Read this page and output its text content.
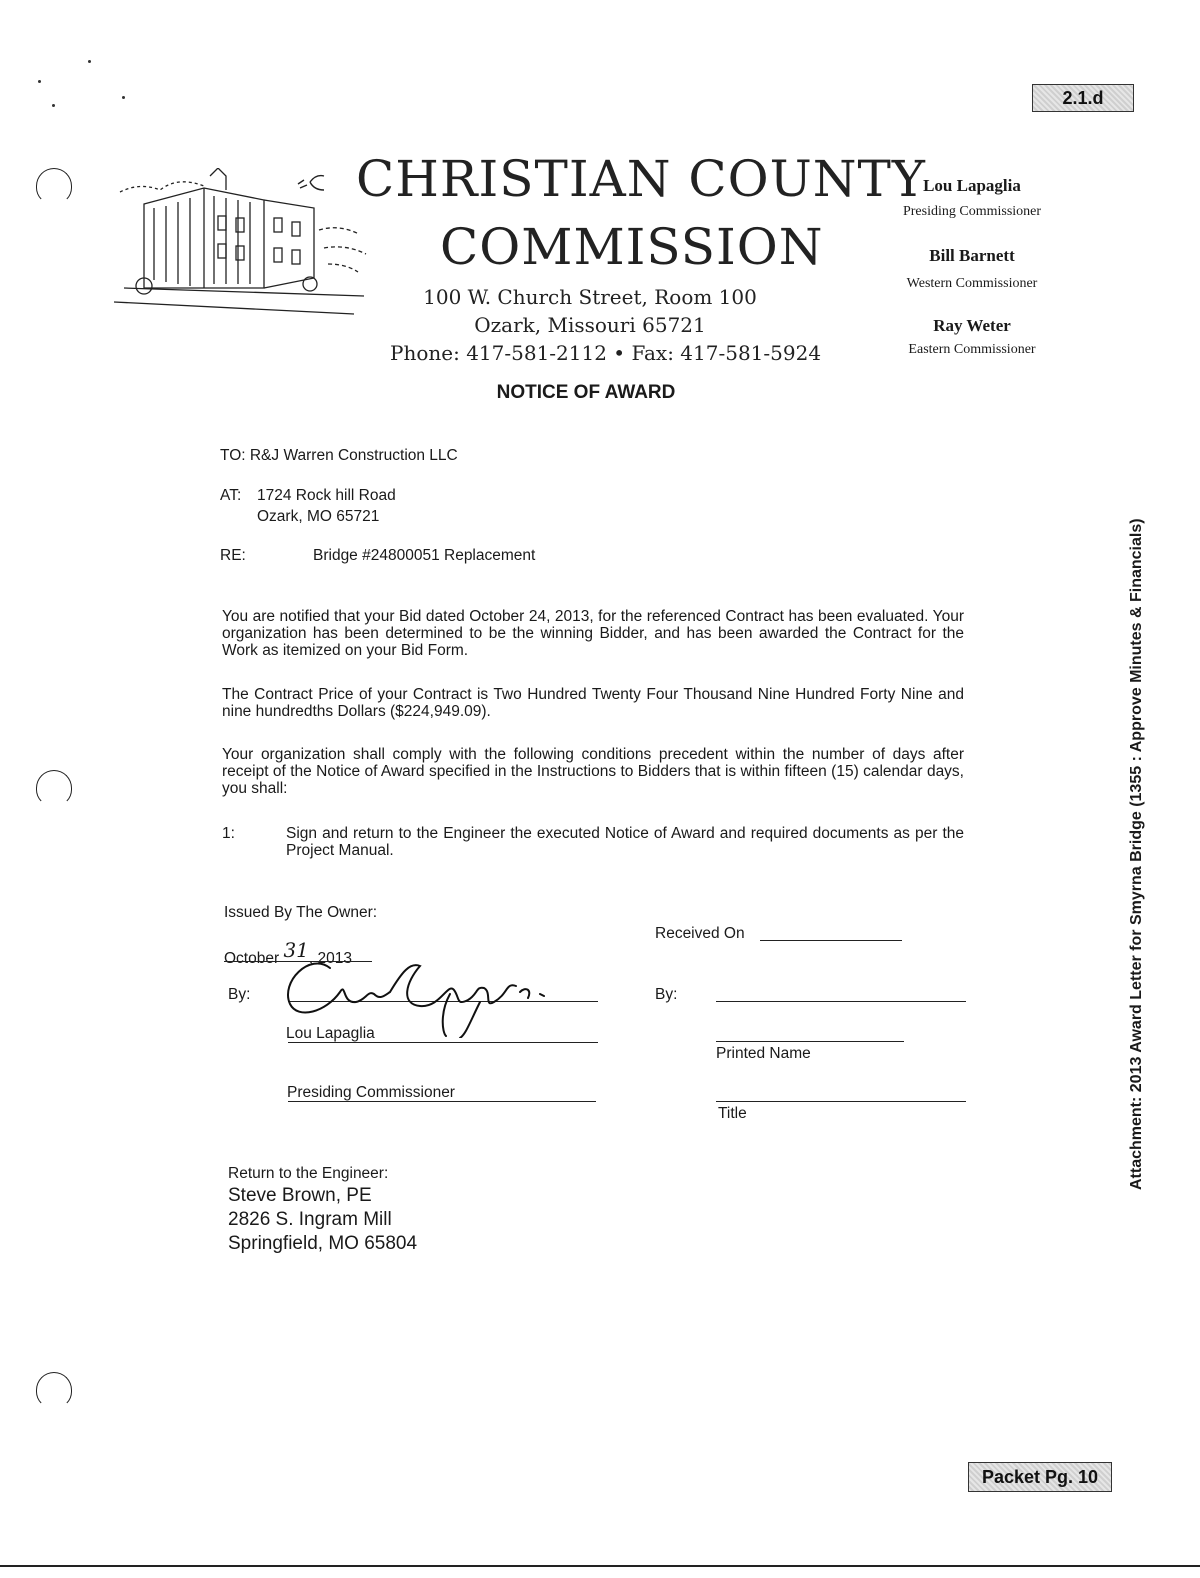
2.1.d
CHRISTIAN COUNTY
COMMISSION
100 W. Church Street, Room 100
Ozark, Missouri 65721
Phone: 417-581-2112 • Fax: 417-581-5924
Lou Lapaglia
Presiding Commissioner
Bill Barnett
Western Commissioner
Ray Weter
Eastern Commissioner
NOTICE OF AWARD
TO: R&J Warren Construction LLC
AT: 1724 Rock hill Road
Ozark, MO 65721
RE:	Bridge #24800051 Replacement
You are notified that your Bid dated October 24, 2013, for the referenced Contract has been evaluated. Your organization has been determined to be the winning Bidder, and has been awarded the Contract for the Work as itemized on your Bid Form.
The Contract Price of your Contract is Two Hundred Twenty Four Thousand Nine Hundred Forty Nine and nine hundredths Dollars ($224,949.09).
Your organization shall comply with the following conditions precedent within the number of days after receipt of the Notice of Award specified in the Instructions to Bidders that is within fifteen (15) calendar days, you shall:
1:	Sign and return to the Engineer the executed Notice of Award and required documents as per the Project Manual.
Issued By The Owner:
October 31, 2013
By:
Lou Lapaglia
Presiding Commissioner
Received On
By:
Printed Name
Title
Return to the Engineer:
Steve Brown, PE
2826 S. Ingram Mill
Springfield, MO 65804
Attachment: 2013 Award Letter for Smyrna Bridge (1355 : Approve Minutes & Financials)
Packet Pg. 10
